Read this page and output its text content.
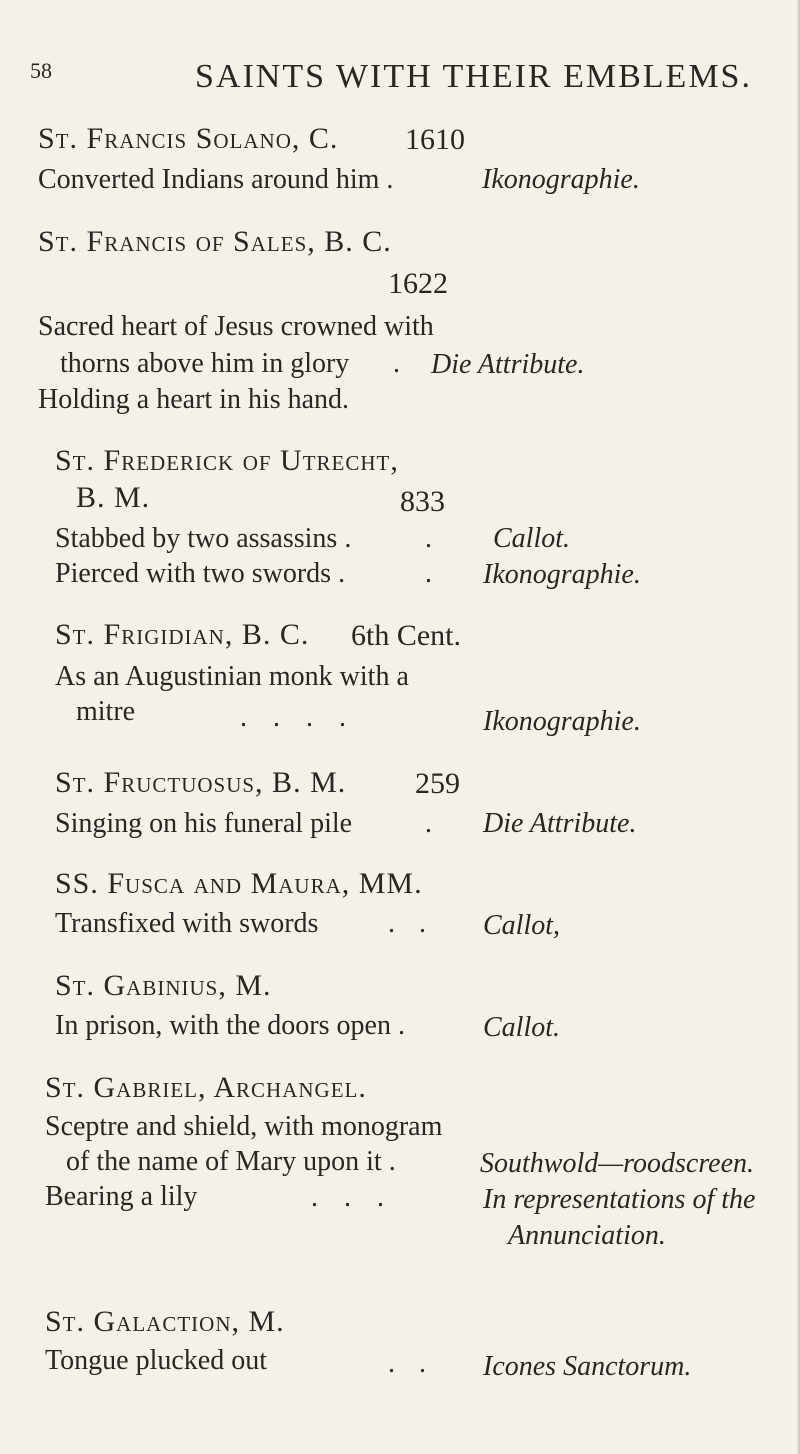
58	SAINTS WITH THEIR EMBLEMS.
St. Francis Solano, C. 1610
Converted Indians around him .	Ikonographie.
St. Francis of Sales, B. C.
1622
Sacred heart of Jesus crowned with
thorns above him in glory . Die Attribute.
Holding a heart in his hand.
St. Frederick of Utrecht,
B. M.	833
Stabbed by two assassins .	. Callot.
Pierced with two swords .	. Ikonographie.
St. Frigidian, B. C. 6th Cent.
As an Augustinian monk with a
mitre	....	Ikonographie.
St. Fructuosus, B. M. 259
Singing on his funeral pile	. Die Attribute.
SS. Fusca and Maura, MM.
Transfixed with swords .. Callot,
St. Gabinius, M.
In prison, with the doors open .	Callot.
St. Gabriel, Archangel.
Sceptre and shield, with monogram
of the name of Mary upon it .	Southwold—roodscreen.
Bearing a lily	...	In representations of the
Annunciation.
St. Galaction, M.
Tongue plucked out	.. Icones Sanctorum.
